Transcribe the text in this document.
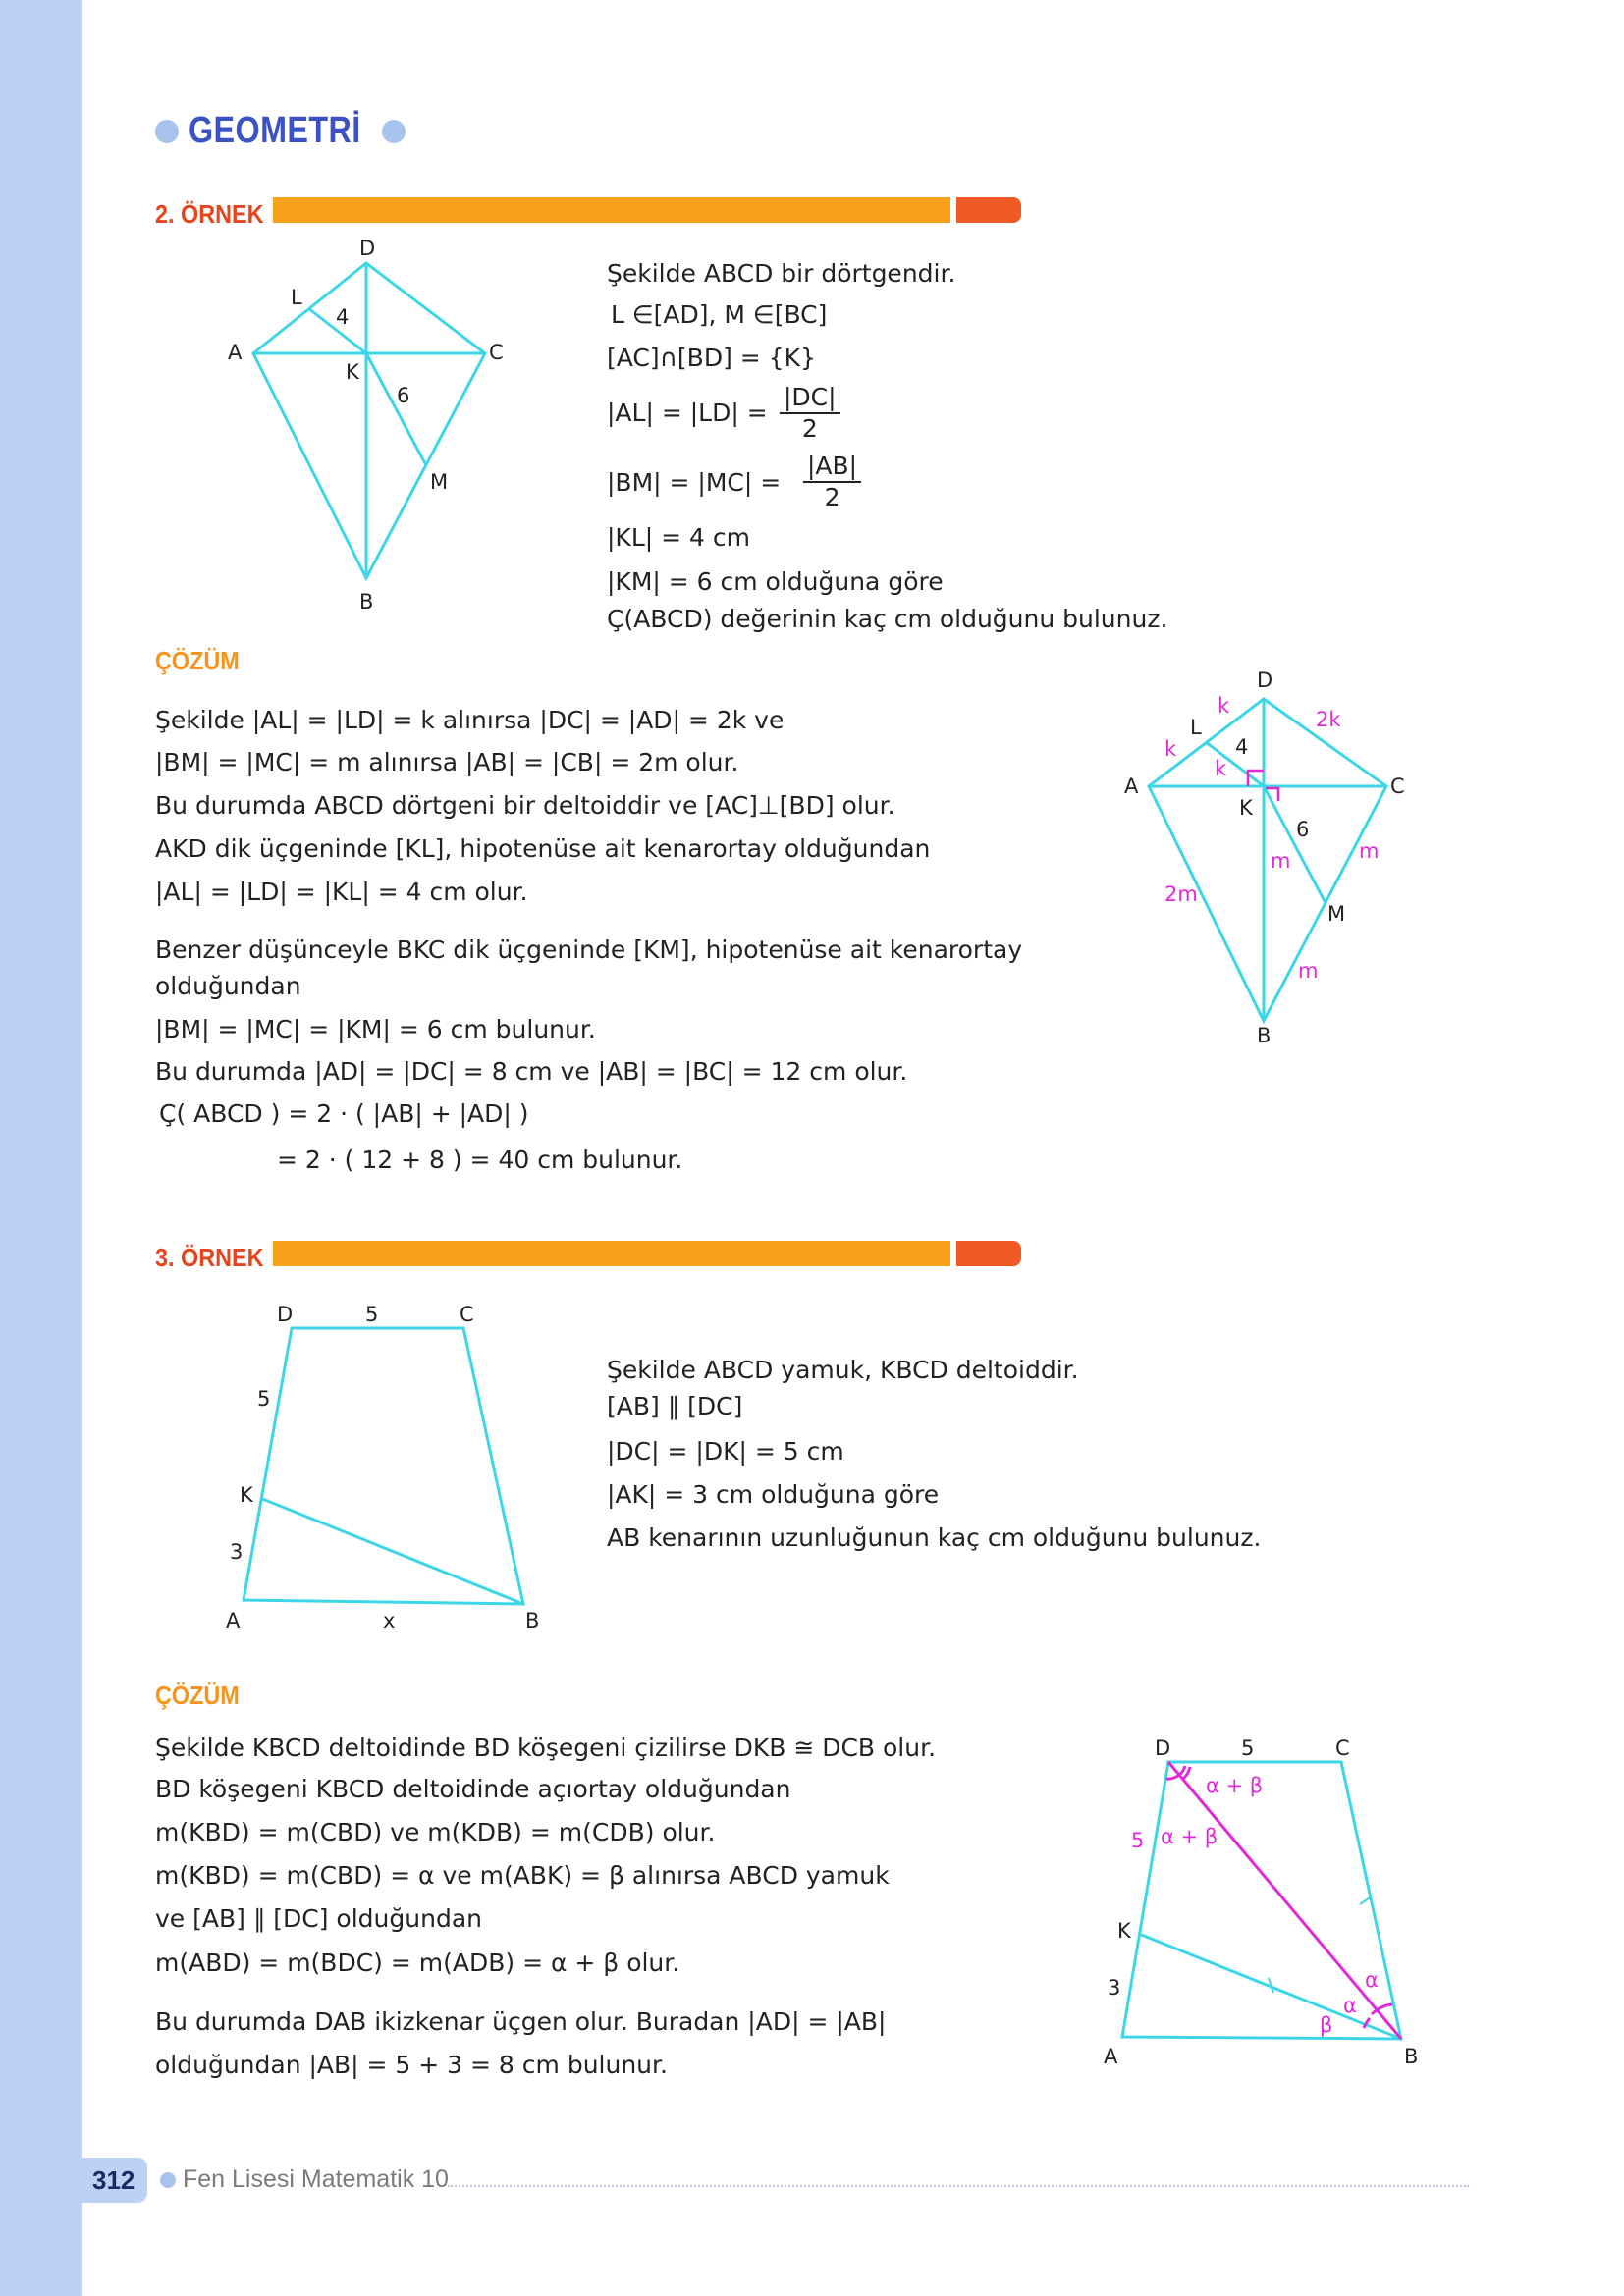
GEOMETRİ
2. ÖRNEK
D
L
4
A	C
K
6
M
B
Şekilde ABCD bir dörtgendir.
L ∈[AD], M ∈[BC]
[AC]∩[BD] = {K}
$|AL| = |LD| = \frac{|DC|}{2}$
$|BM| = |MC| = \frac{|AB|}{2}$
|KL| = 4 cm
|KM| = 6 cm olduğuna göre
Ç(ABCD) değerinin kaç cm olduğunu bulunuz.
ÇÖZÜM
Şekilde |AL| = |LD| = k alınırsa |DC| = |AD| = 2k ve
|BM| = |MC| = m alınırsa |AB| = |CB| = 2m olur.
Bu durumda ABCD dörtgeni bir deltoiddir ve [AC]⊥[BD] olur.
AKD dik üçgeninde [KL], hipotenüse ait kenarortay olduğundan
|AL| = |LD| = |KL| = 4 cm olur.
Benzer düşünceyle BKC dik üçgeninde [KM], hipotenüse ait kenarortay
olduğundan
|BM| = |MC| = |KM| = 6 cm bulunur.
Bu durumda |AD| = |DC| = 8 cm ve |AB| = |BC| = 12 cm olur.
Ç( ABCD ) = 2 · ( |AB| + |AD| )
= 2 · ( 12 + 8 ) = 40 cm bulunur.
D
L
4
A	C
K
6
M
B
k
2k
k
k
m	m
2m
m
3. ÖRNEK
D	5	C
5
K
3
A	x	B
Şekilde ABCD yamuk, KBCD deltoiddir.
[AB] ∥ [DC]
|DC| = |DK| = 5 cm
|AK| = 3 cm olduğuna göre
AB kenarının uzunluğunun kaç cm olduğunu bulunuz.
ÇÖZÜM
Şekilde KBCD deltoidinde BD köşegeni çizilirse DKB ≅ DCB olur.
BD köşegeni KBCD deltoidinde açıortay olduğundan
m(KBD) = m(CBD) ve m(KDB) = m(CDB) olur.
m(KBD) = m(CBD) = α ve m(ABK) = β alınırsa ABCD yamuk
ve [AB] ∥ [DC] olduğundan
m(ABD) = m(BDC) = m(ADB) = α + β olur.
Bu durumda DAB ikizkenar üçgen olur. Buradan |AD| = |AB|
olduğundan |AB| = 5 + 3 = 8 cm bulunur.
D	5	C
K
3
A	B
α + β
5 α + β
α
α
β
312 Fen Lisesi Matematik 10
